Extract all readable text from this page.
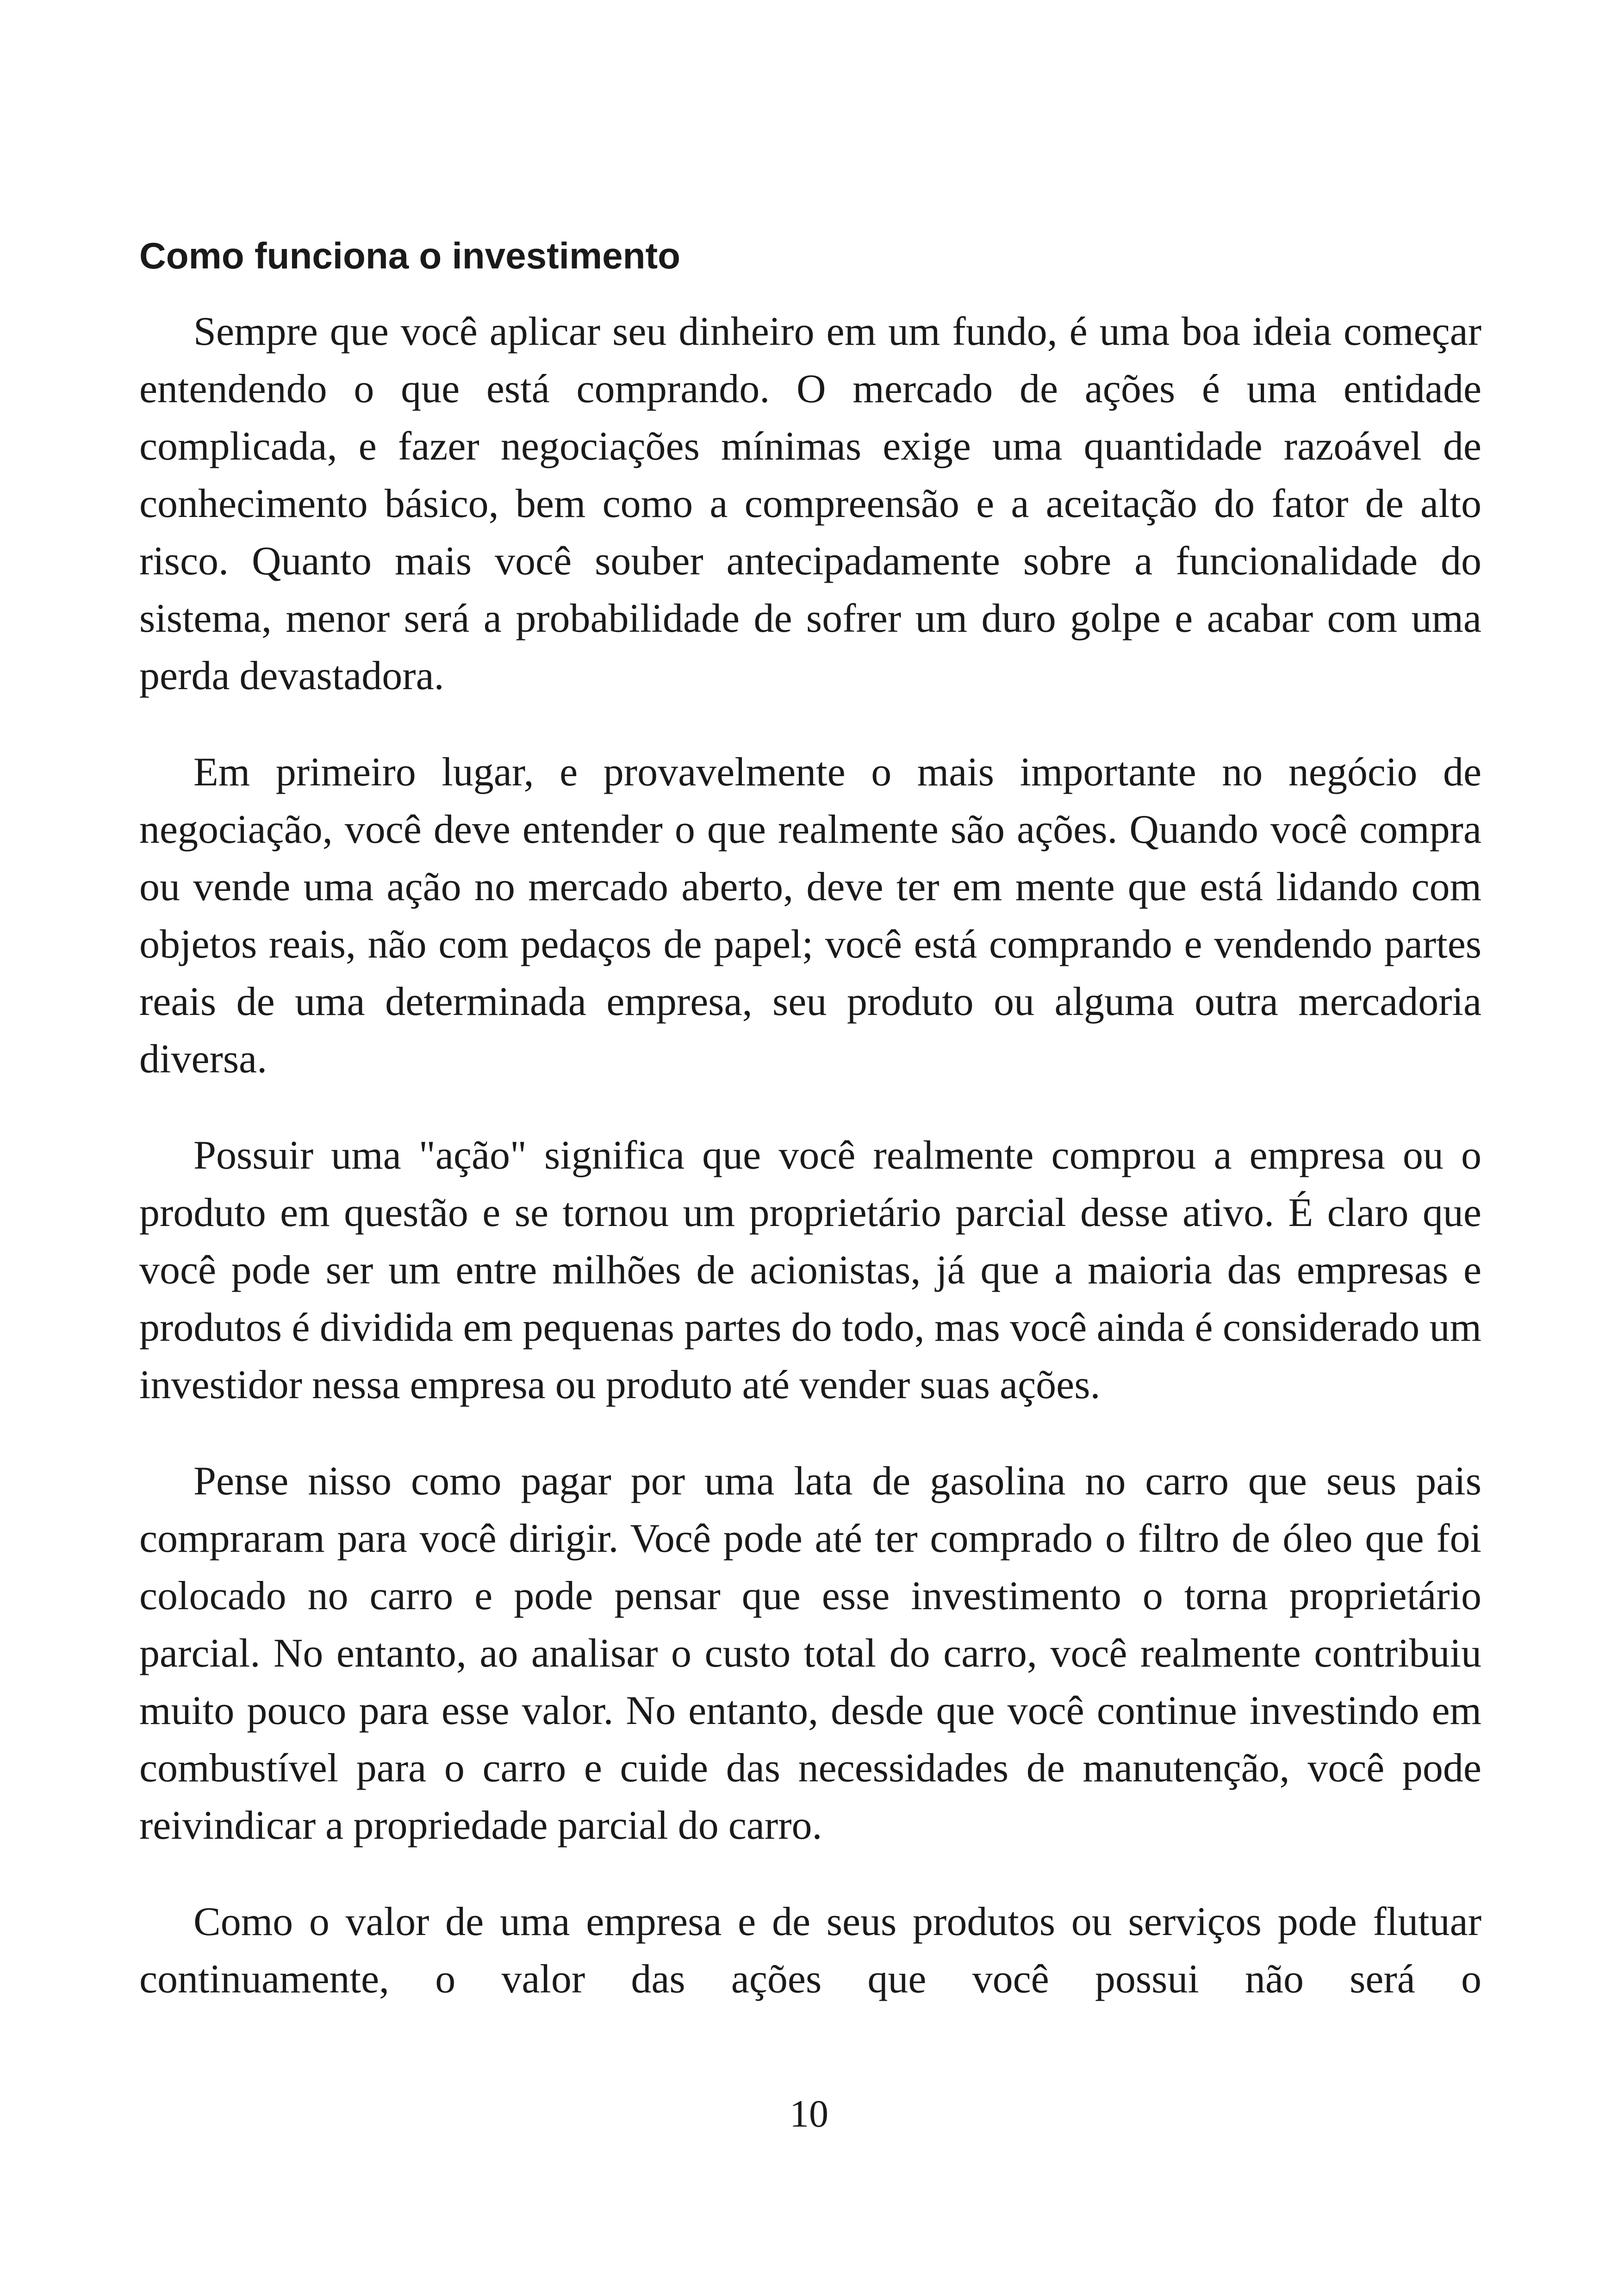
Como funciona o investimento

Sempre que você aplicar seu dinheiro em um fundo, é uma boa ideia começar entendendo o que está comprando. O mercado de ações é uma entidade complicada, e fazer negociações mínimas exige uma quantidade razoável de conhecimento básico, bem como a compreensão e a aceitação do fator de alto risco. Quanto mais você souber antecipadamente sobre a funcionalidade do sistema, menor será a probabilidade de sofrer um duro golpe e acabar com uma perda devastadora.

Em primeiro lugar, e provavelmente o mais importante no negócio de negociação, você deve entender o que realmente são ações. Quando você compra ou vende uma ação no mercado aberto, deve ter em mente que está lidando com objetos reais, não com pedaços de papel; você está comprando e vendendo partes reais de uma determinada empresa, seu produto ou alguma outra mercadoria diversa.

Possuir uma "ação" significa que você realmente comprou a empresa ou o produto em questão e se tornou um proprietário parcial desse ativo. É claro que você pode ser um entre milhões de acionistas, já que a maioria das empresas e produtos é dividida em pequenas partes do todo, mas você ainda é considerado um investidor nessa empresa ou produto até vender suas ações.

Pense nisso como pagar por uma lata de gasolina no carro que seus pais compraram para você dirigir. Você pode até ter comprado o filtro de óleo que foi colocado no carro e pode pensar que esse investimento o torna proprietário parcial. No entanto, ao analisar o custo total do carro, você realmente contribuiu muito pouco para esse valor. No entanto, desde que você continue investindo em combustível para o carro e cuide das necessidades de manutenção, você pode reivindicar a propriedade parcial do carro.

Como o valor de uma empresa e de seus produtos ou serviços pode flutuar continuamente, o valor das ações que você possui não será o

10
